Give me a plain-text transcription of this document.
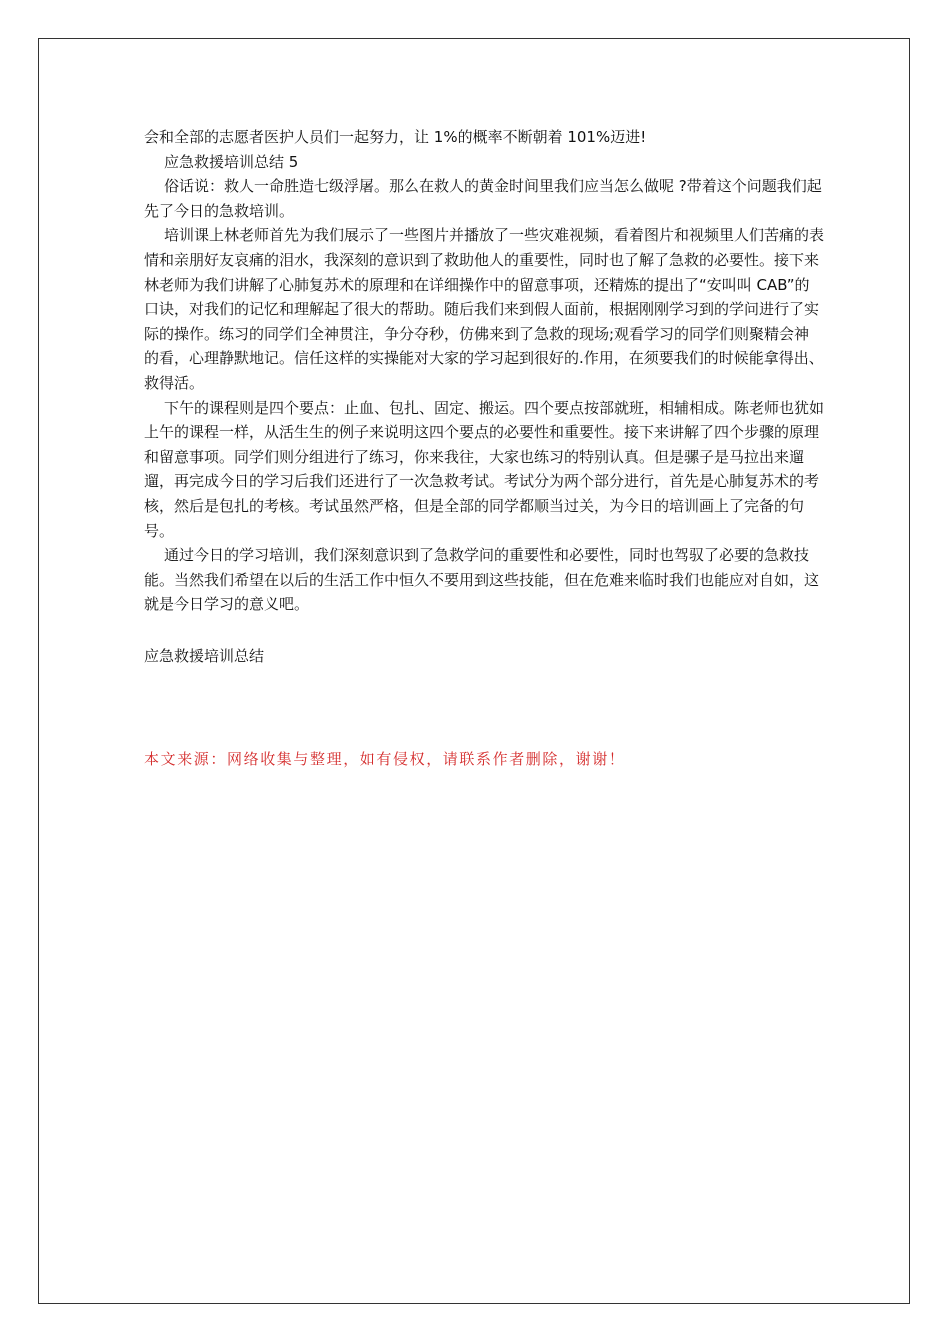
会和全部的志愿者医护人员们一起努力，让 1%的概率不断朝着 101%迈进!

应急救援培训总结 5

俗话说：救人一命胜造七级浮屠。那么在救人的黄金时间里我们应当怎么做呢 ?带着这个问题我们起先了今日的急救培训。

培训课上林老师首先为我们展示了一些图片并播放了一些灾难视频，看着图片和视频里人们苦痛的表情和亲朋好友哀痛的泪水，我深刻的意识到了救助他人的重要性，同时也了解了急救的必要性。接下来林老师为我们讲解了心肺复苏术的原理和在详细操作中的留意事项，还精炼的提出了“安叫叫 CAB”的口诀，对我们的记忆和理解起了很大的帮助。随后我们来到假人面前，根据刚刚学习到的学问进行了实际的操作。练习的同学们全神贯注，争分夺秒，仿佛来到了急救的现场;观看学习的同学们则聚精会神的看，心理静默地记。信任这样的实操能对大家的学习起到很好的.作用，在须要我们的时候能拿得出、救得活。

下午的课程则是四个要点：止血、包扎、固定、搬运。四个要点按部就班，相辅相成。陈老师也犹如上午的课程一样，从活生生的例子来说明这四个要点的必要性和重要性。接下来讲解了四个步骤的原理和留意事项。同学们则分组进行了练习，你来我往，大家也练习的特别认真。但是骡子是马拉出来遛遛，再完成今日的学习后我们还进行了一次急救考试。考试分为两个部分进行，首先是心肺复苏术的考核，然后是包扎的考核。考试虽然严格，但是全部的同学都顺当过关，为今日的培训画上了完备的句号。

通过今日的学习培训，我们深刻意识到了急救学问的重要性和必要性，同时也驾驭了必要的急救技能。当然我们希望在以后的生活工作中恒久不要用到这些技能，但在危难来临时我们也能应对自如，这就是今日学习的意义吧。

应急救援培训总结

本文来源：网络收集与整理，如有侵权，请联系作者删除，谢谢！
